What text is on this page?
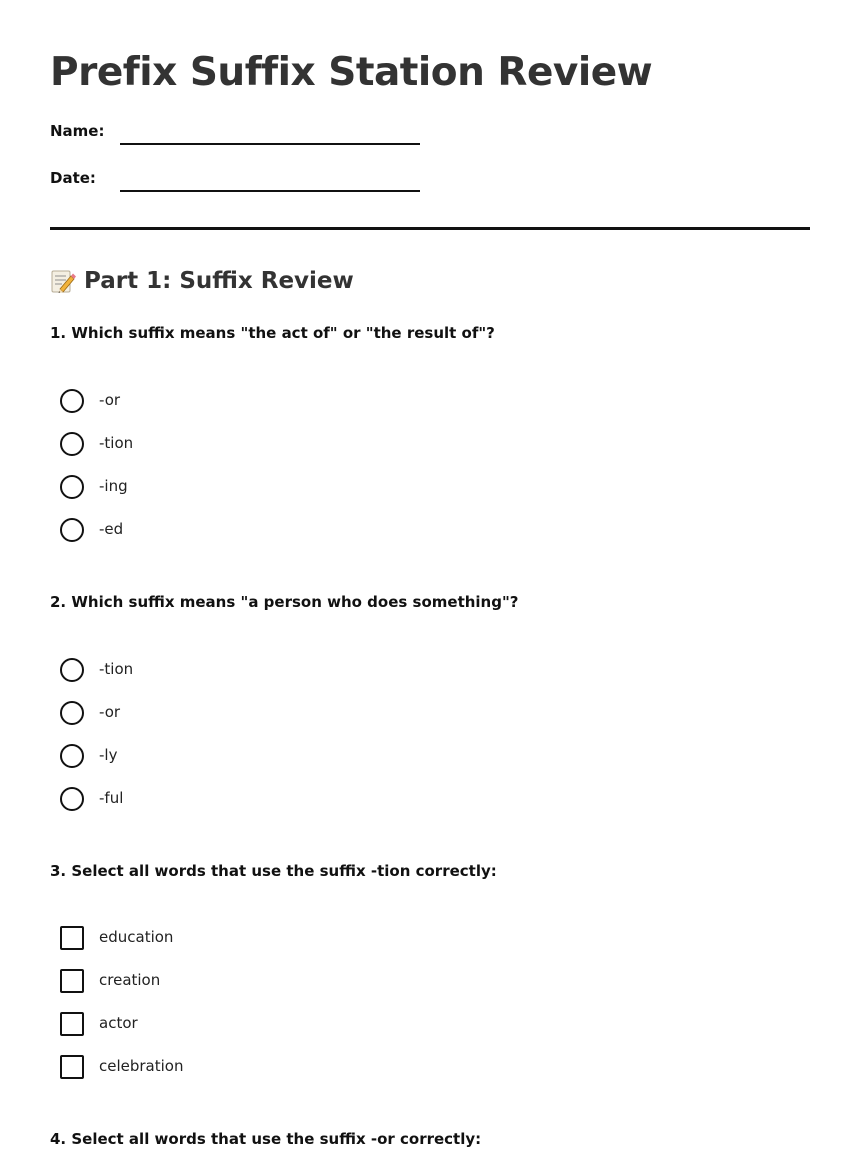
Prefix Suffix Station Review
Name:
Date:
Part 1: Suffix Review
1. Which suffix means "the act of" or "the result of"?
-or
-tion
-ing
-ed
2. Which suffix means "a person who does something"?
-tion
-or
-ly
-ful
3. Select all words that use the suffix -tion correctly:
education
creation
actor
celebration
4. Select all words that use the suffix -or correctly:
